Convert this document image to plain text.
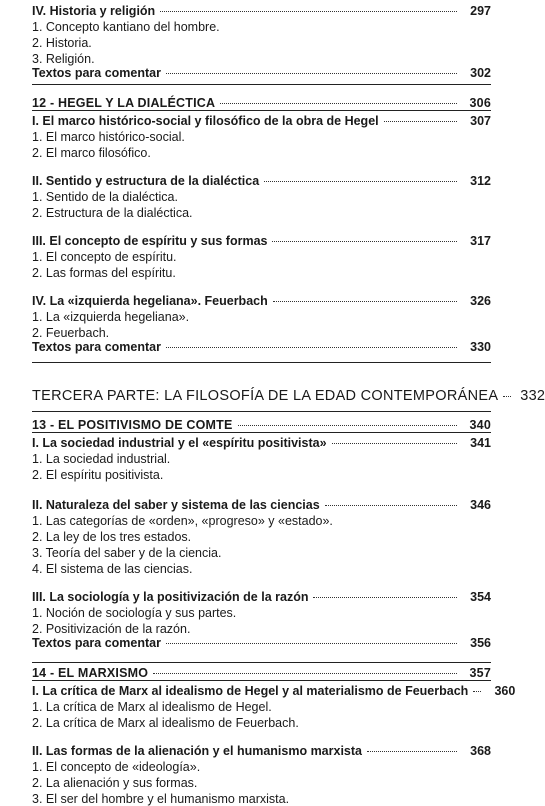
IV. Historia y religión	297
1. Concepto kantiano del hombre.
2. Historia.
3. Religión.
Textos para comentar	302
12 - HEGEL Y LA DIALÉCTICA	306
I. El marco histórico-social y filosófico de la obra de Hegel	307
1. El marco histórico-social.
2. El marco filosófico.
II. Sentido y estructura de la dialéctica	312
1. Sentido de la dialéctica.
2. Estructura de la dialéctica.
III. El concepto de espíritu y sus formas	317
1. El concepto de espíritu.
2. Las formas del espíritu.
IV. La «izquierda hegeliana». Feuerbach	326
1. La «izquierda hegeliana».
2. Feuerbach.
Textos para comentar	330
TERCERA PARTE: LA FILOSOFÍA DE LA EDAD CONTEMPORÁNEA 332
13 - EL POSITIVISMO DE COMTE	340
I. La sociedad industrial y el «espíritu positivista»	341
1. La sociedad industrial.
2. El espíritu positivista.
II. Naturaleza del saber y sistema de las ciencias	346
1. Las categorías de «orden», «progreso» y «estado».
2. La ley de los tres estados.
3. Teoría del saber y de la ciencia.
4. El sistema de las ciencias.
III. La sociología y la positivización de la razón	354
1. Noción de sociología y sus partes.
2. Positivización de la razón.
Textos para comentar	356
14 - EL MARXISMO	357
I. La crítica de Marx al idealismo de Hegel y al materialismo de Feuerbach	360
1. La crítica de Marx al idealismo de Hegel.
2. La crítica de Marx al idealismo de Feuerbach.
II. Las formas de la alienación y el humanismo marxista	368
1. El concepto de «ideología».
2. La alienación y sus formas.
3. El ser del hombre y el humanismo marxista.
